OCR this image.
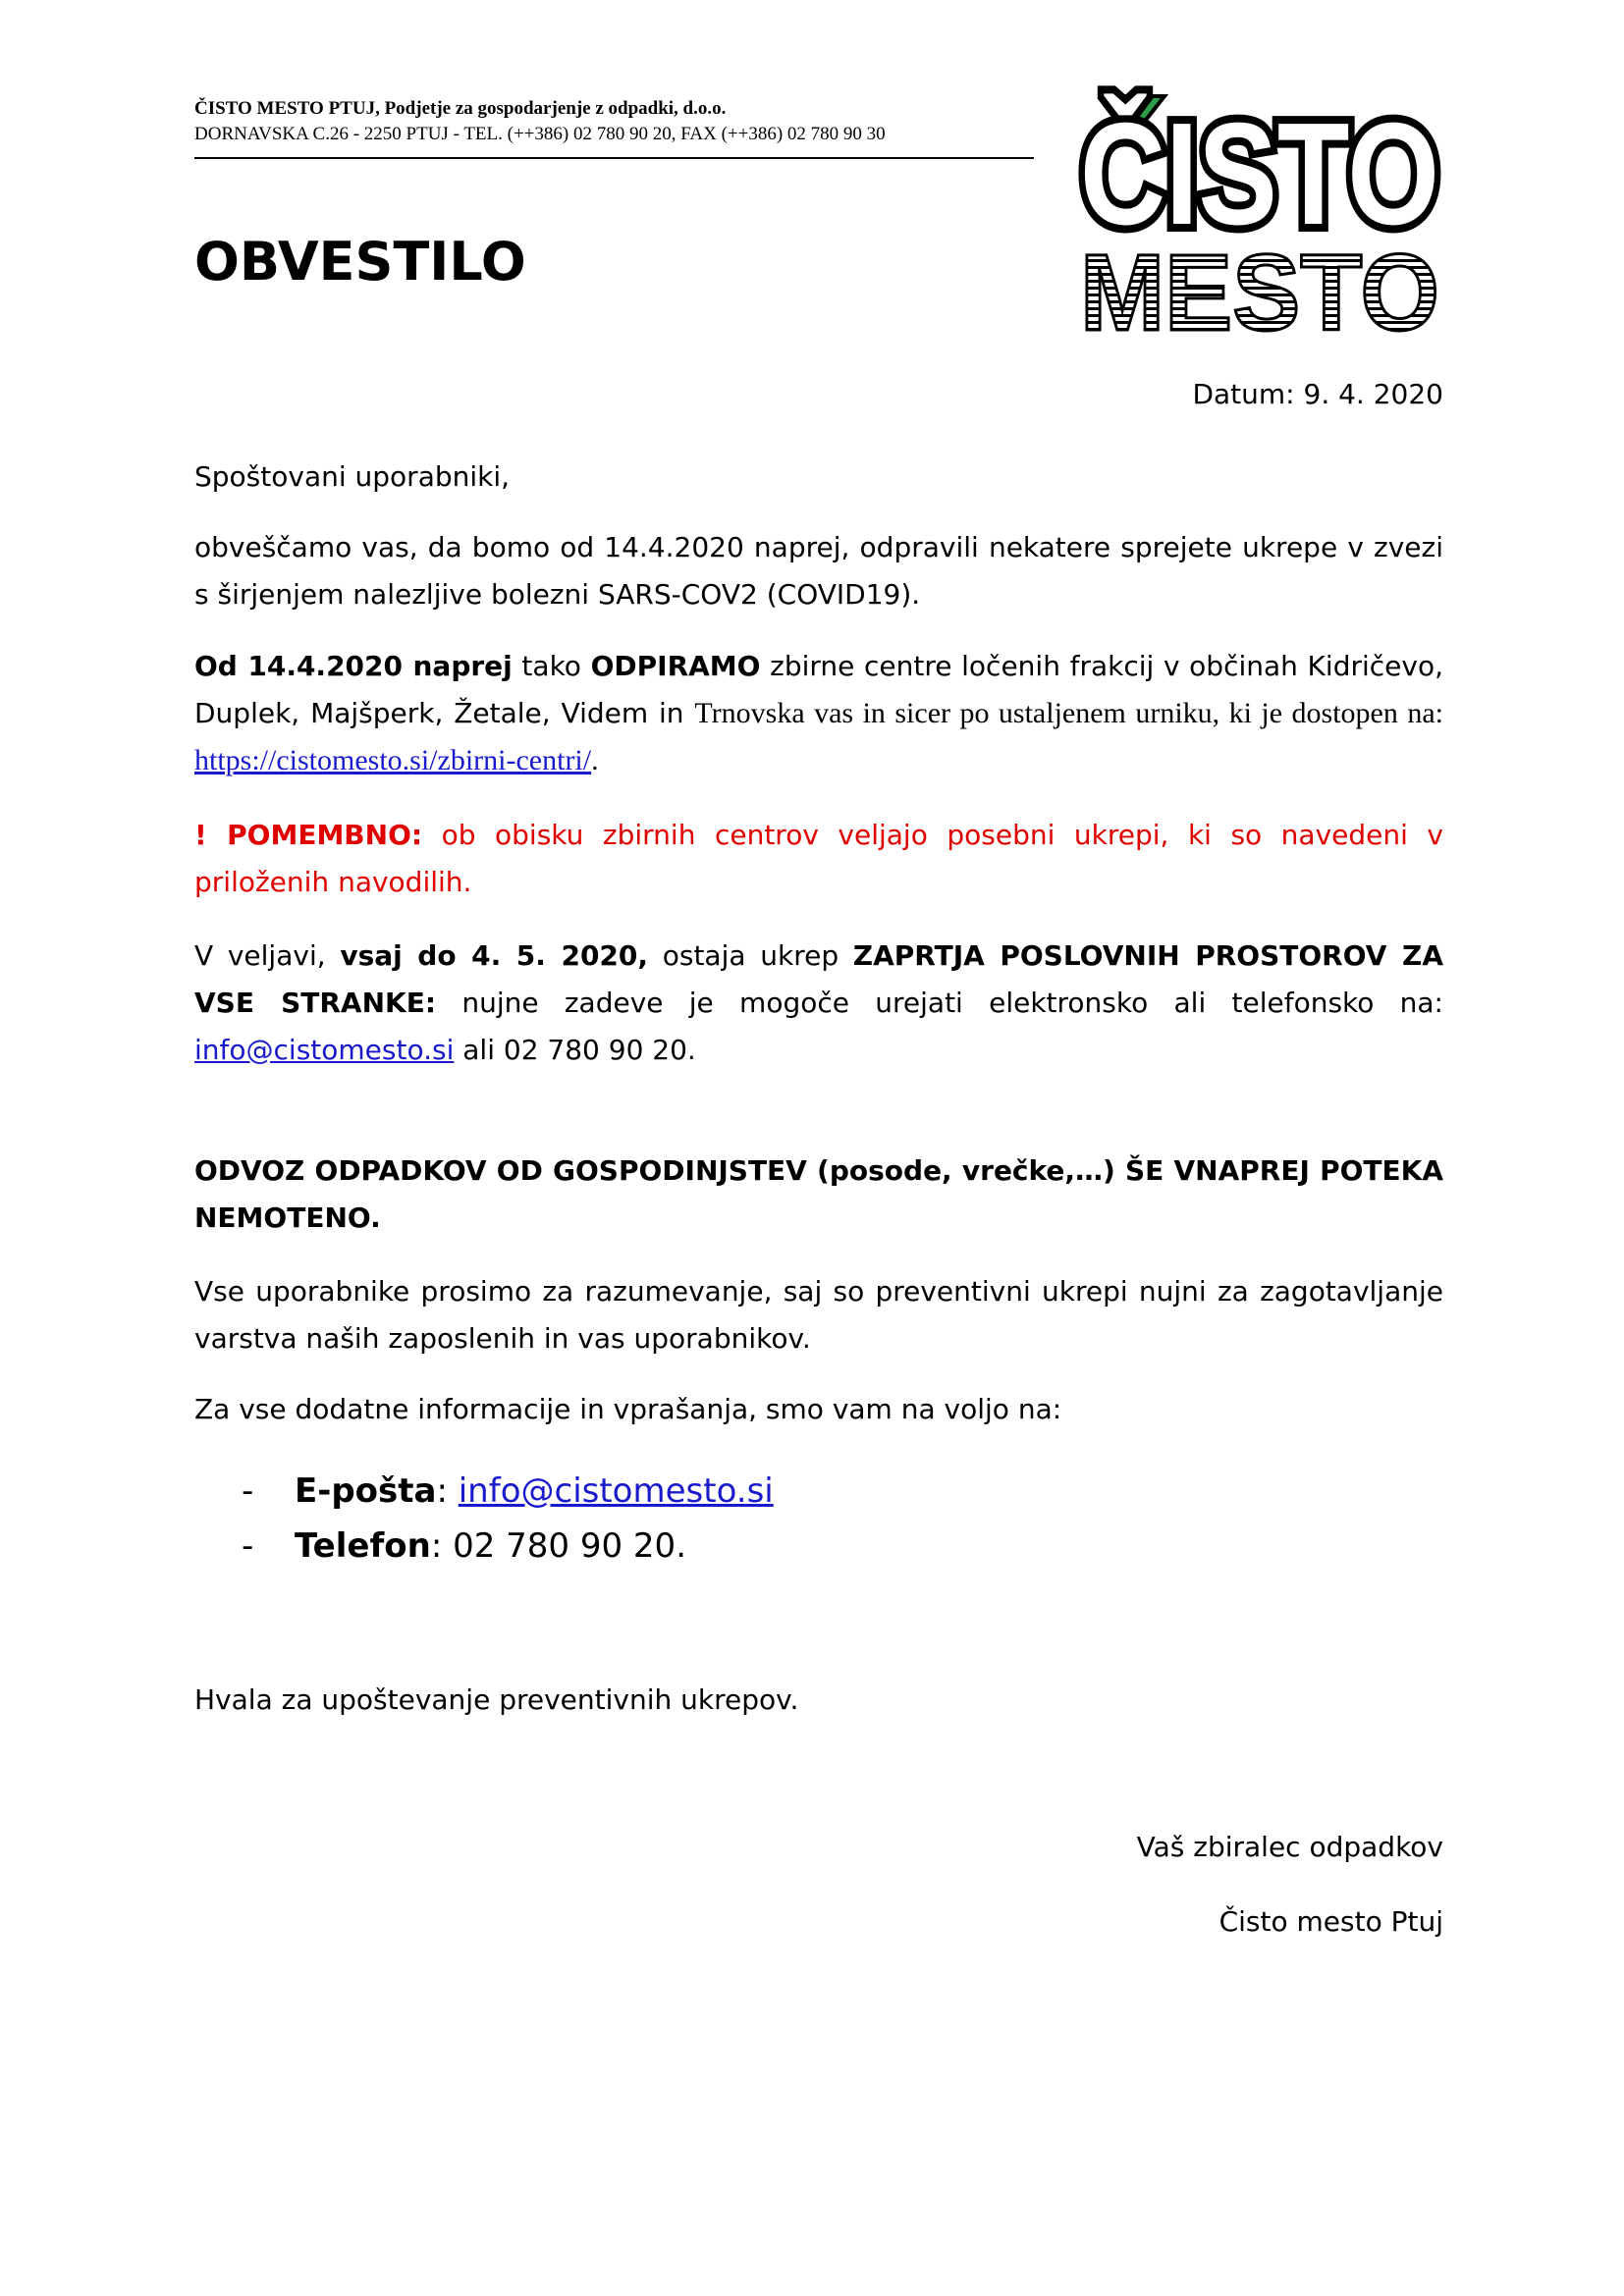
ČISTO MESTO PTUJ, Podjetje za gospodarjenje z odpadki, d.o.o.
DORNAVSKA C.26 - 2250 PTUJ - TEL. (++386) 02 780 90 20, FAX (++386) 02 780 90 30	ČISTO
MESTO
OBVESTILO
Datum: 9. 4. 2020
Spoštovani uporabniki,
obveščamo vas, da bomo od 14.4.2020 naprej, odpravili nekatere sprejete ukrepe v zvezi s širjenjem nalezljive bolezni SARS-COV2 (COVID19).
Od 14.4.2020 naprej tako ODPIRAMO zbirne centre ločenih frakcij v občinah Kidričevo, Duplek, Majšperk, Žetale, Videm in Trnovska vas in sicer po ustaljenem urniku, ki je dostopen na: https://cistomesto.si/zbirni-centri/.
! POMEMBNO: ob obisku zbirnih centrov veljajo posebni ukrepi, ki so navedeni v priloženih navodilih.
V veljavi, vsaj do 4. 5. 2020, ostaja ukrep ZAPRTJA POSLOVNIH PROSTOROV ZA VSE STRANKE: nujne zadeve je mogoče urejati elektronsko ali telefonsko na: info@cistomesto.si ali 02 780 90 20.
ODVOZ ODPADKOV OD GOSPODINJSTEV (posode, vrečke,…) ŠE VNAPREJ POTEKA NEMOTENO.
Vse uporabnike prosimo za razumevanje, saj so preventivni ukrepi nujni za zagotavljanje varstva naših zaposlenih in vas uporabnikov.
Za vse dodatne informacije in vprašanja, smo vam na voljo na:
- E-pošta: info@cistomesto.si
- Telefon: 02 780 90 20.
Hvala za upoštevanje preventivnih ukrepov.
Vaš zbiralec odpadkov
Čisto mesto Ptuj
